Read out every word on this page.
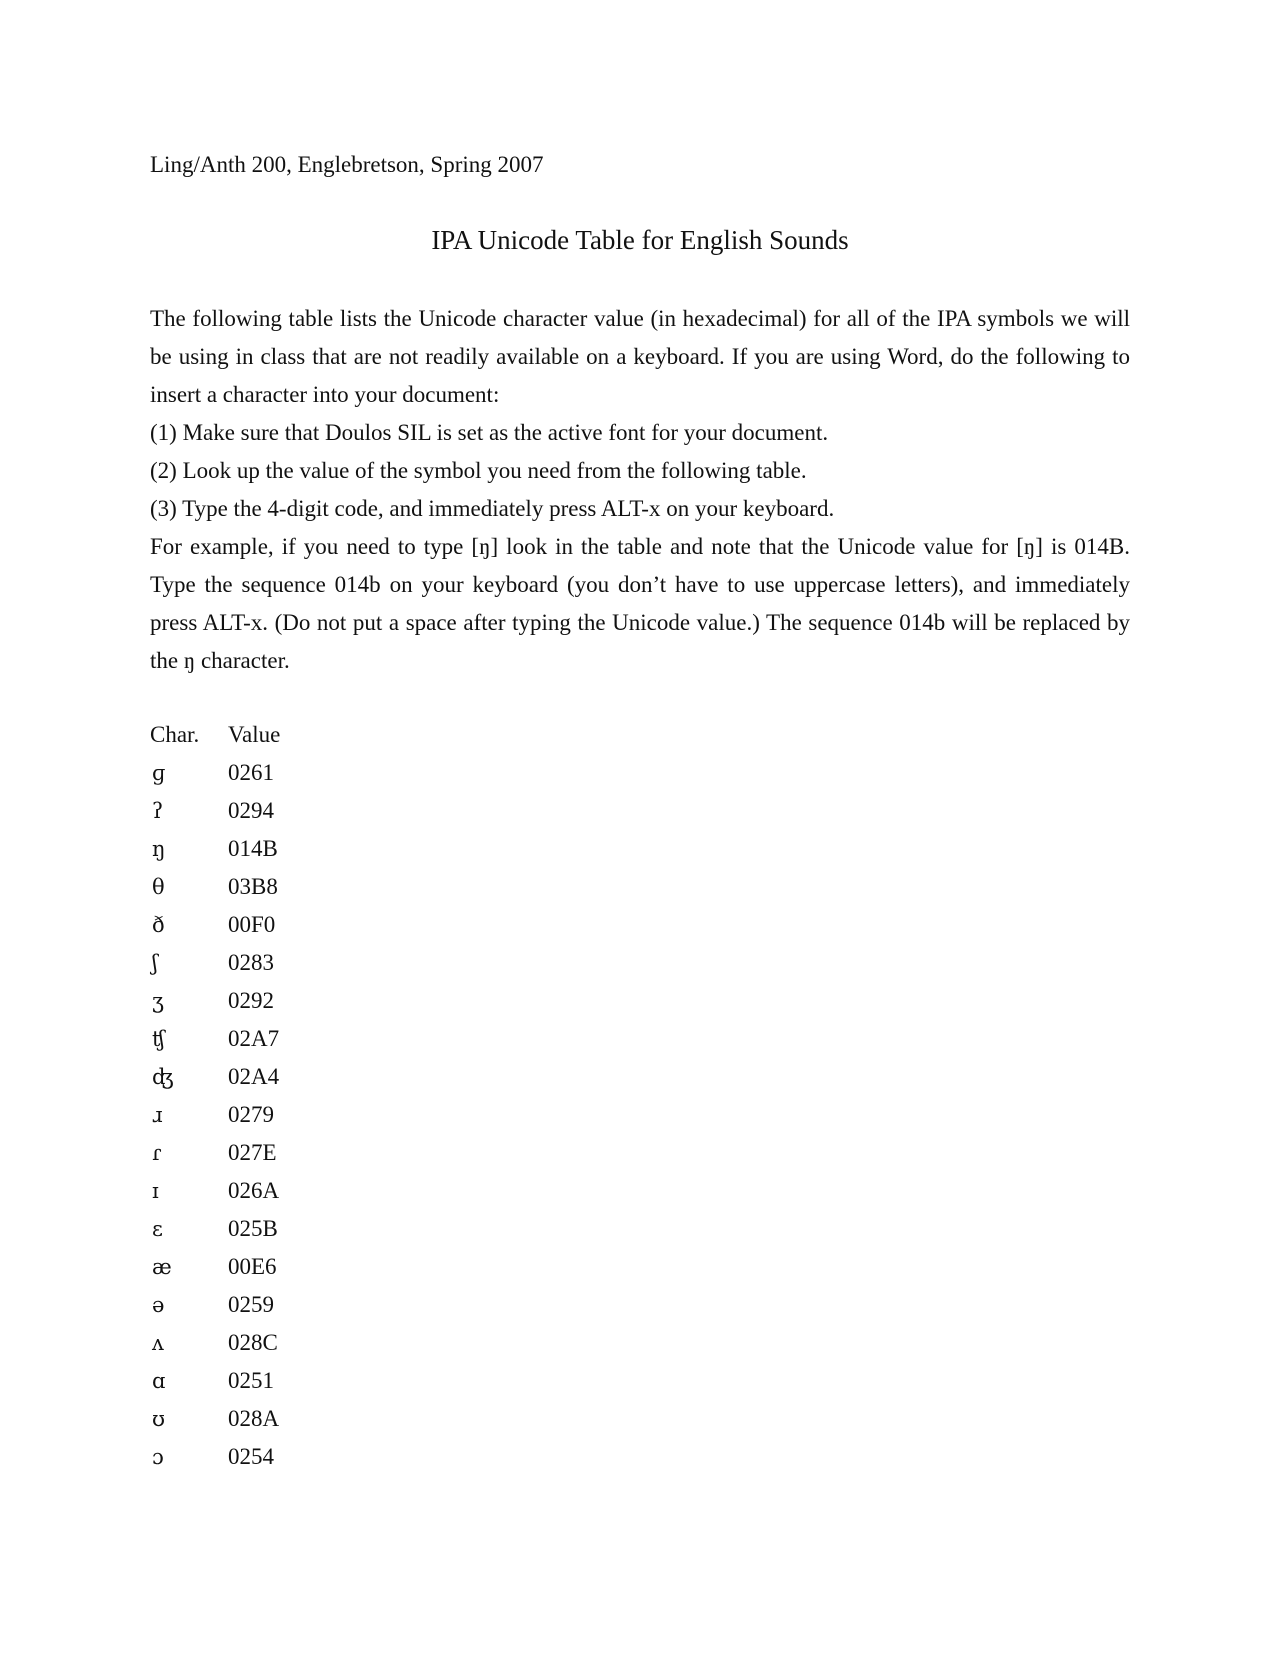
Ling/Anth 200, Englebretson, Spring 2007

IPA Unicode Table for English Sounds

The following table lists the Unicode character value (in hexadecimal) for all of the IPA symbols we will be using in class that are not readily available on a keyboard. If you are using Word, do the following to insert a character into your document:

(1) Make sure that Doulos SIL is set as the active font for your document.

(2) Look up the value of the symbol you need from the following table.

(3) Type the 4-digit code, and immediately press ALT-x on your keyboard.

For example, if you need to type [ŋ] look in the table and note that the Unicode value for [ŋ] is 014B. Type the sequence 014b on your keyboard (you don’t have to use uppercase letters), and immediately press ALT-x. (Do not put a space after typing the Unicode value.) The sequence 014b will be replaced by the ŋ character.

Char.	Value
ɡ	0261
ʔ	0294
ŋ	014B
θ	03B8
ð	00F0
ʃ	0283
ʒ	0292
ʧ	02A7
ʤ	02A4
ɹ	0279
ɾ	027E
ɪ	026A
ɛ	025B
æ	00E6
ə	0259
ʌ	028C
ɑ	0251
ʊ	028A
ɔ	0254
